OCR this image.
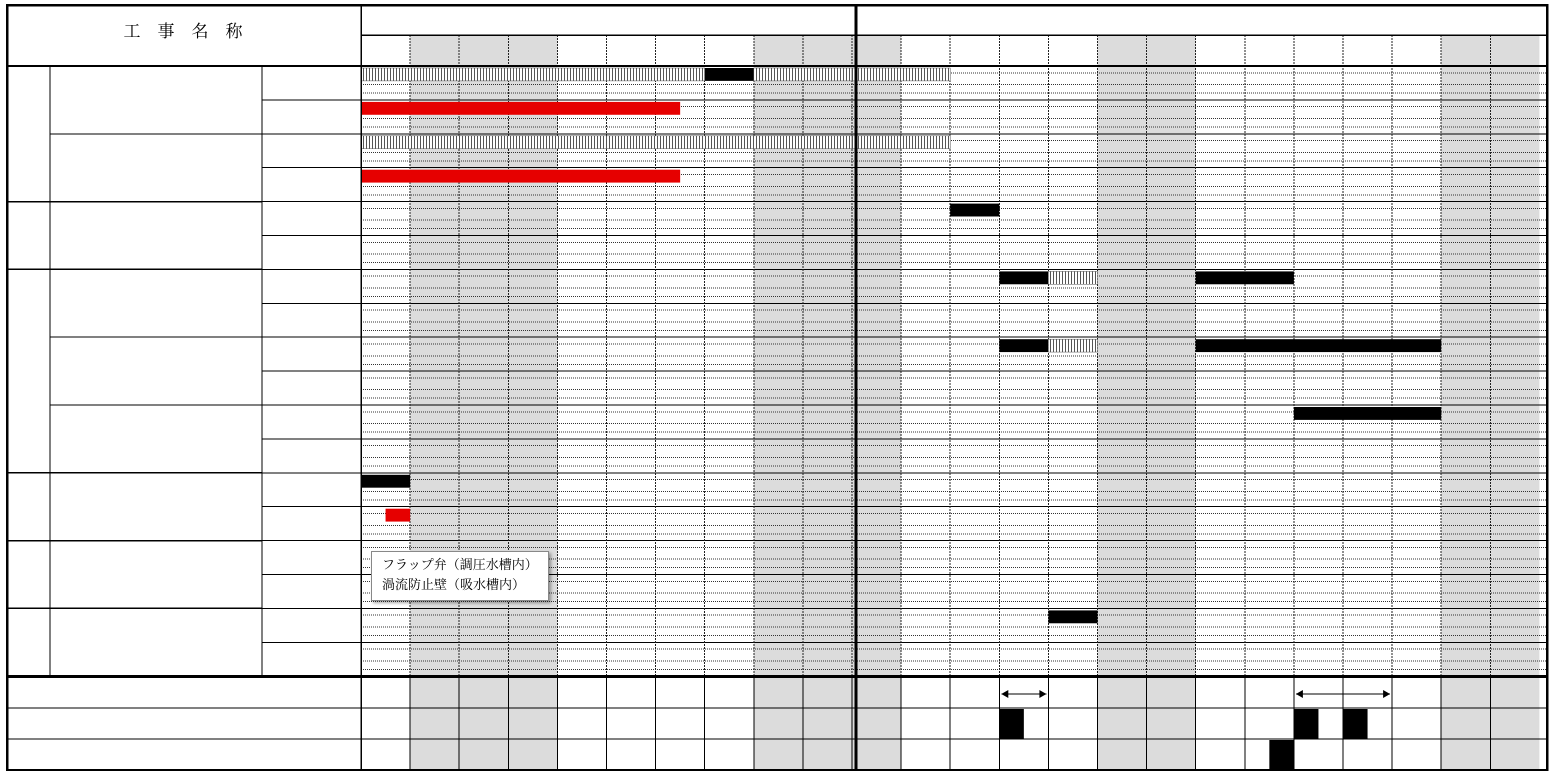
工　事　名　称
フラップ弁（調圧水槽内）
渦流防止壁（吸水槽内）
